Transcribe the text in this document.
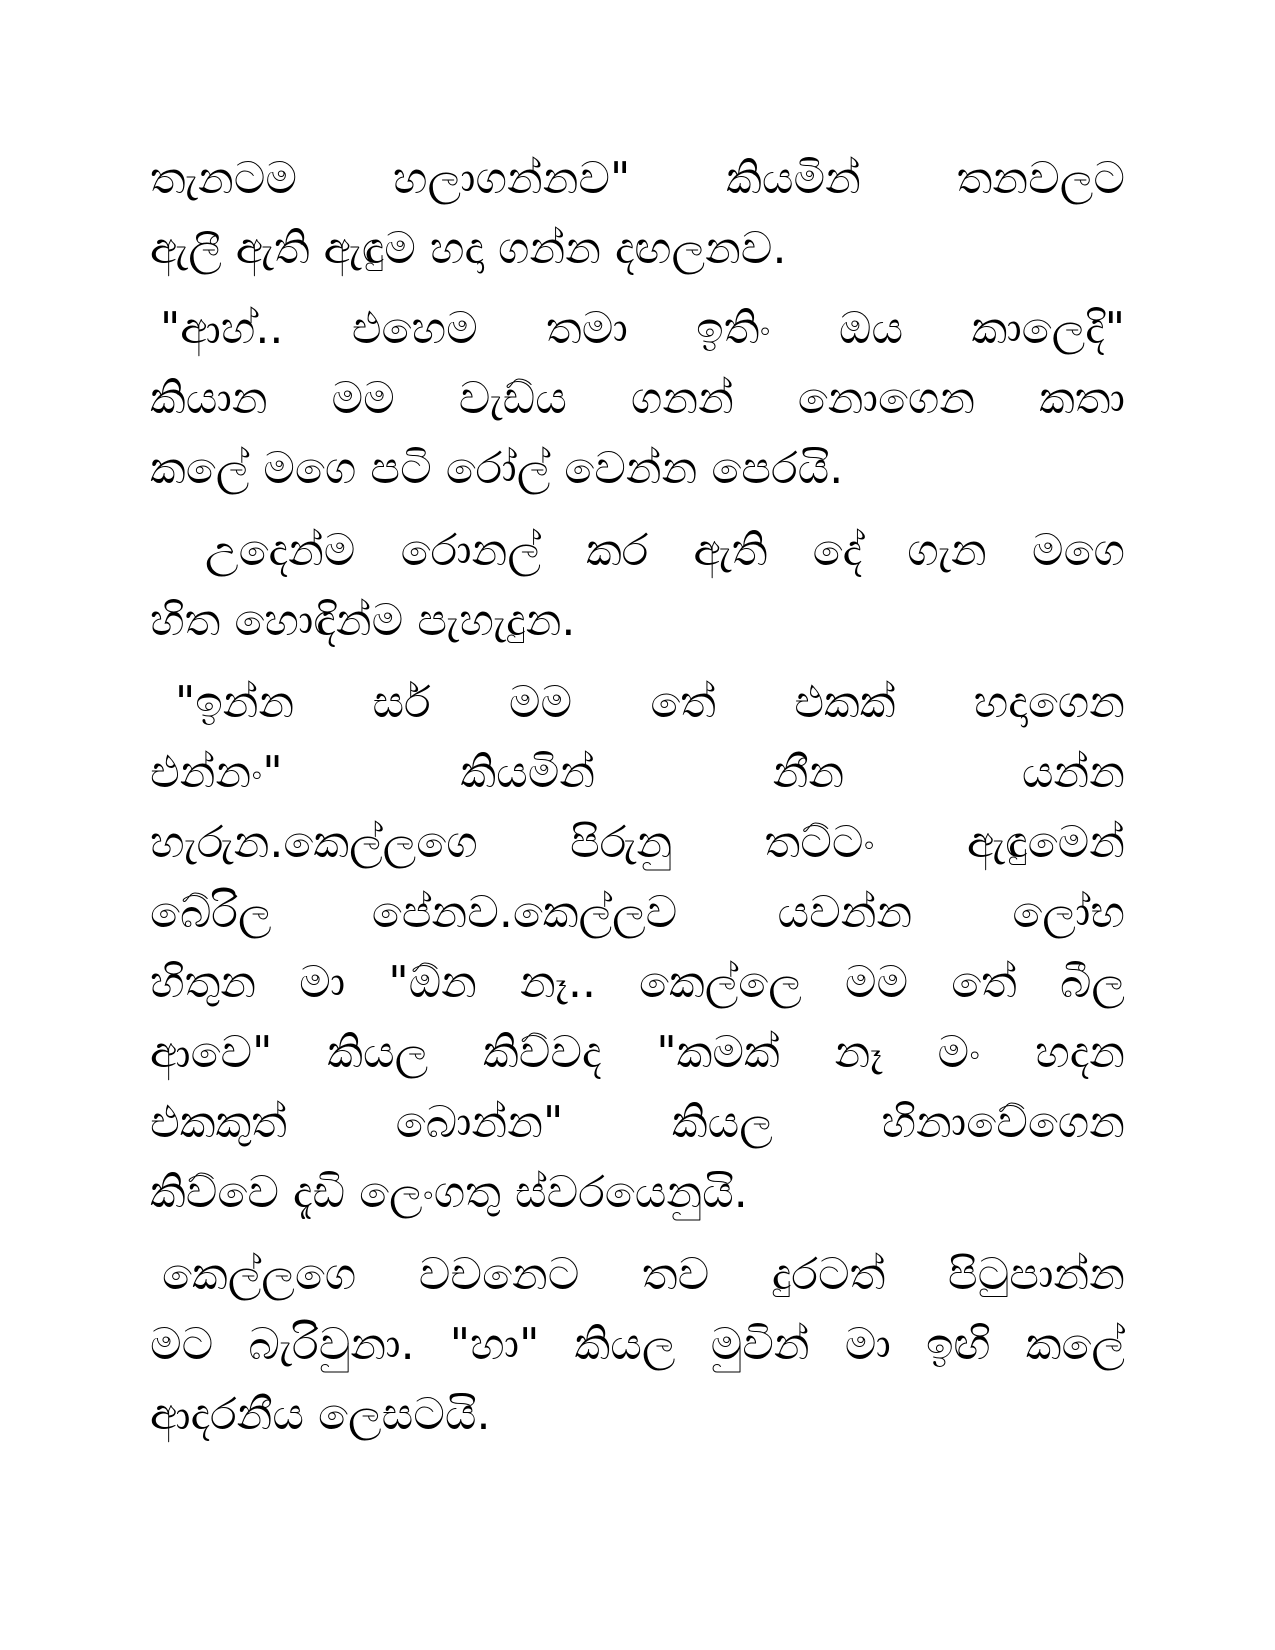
තැනටම හලාගන්නව" කියමින් තනවලට
ඇලී ඇති ඇඳුම හදා ගන්න දඟලනව.
"ආහ්.. එහෙම තමා ඉතිං ඔය කාලෙදි"
කියාන මම වැඩ්ය ගනන් නොගෙන කතා
කලේ මගෙ පටි රෝල් වෙන්න පෙරයි.
උදෙන්ම රොනල් කර ඇති දේ ගැන මගෙ
හිත හොඳින්ම පැහැදුන.
"ඉන්න සර් මම තේ එකක් හදාගෙන
එන්නං" කියමින් නීන යන්න
හැරුන.කෙල්ලගෙ පිරුනු තට්ටං ඇඳුමෙන්
බේරිල පේනව.කෙල්ලව යවන්න ලෝභ
හිතුන මා "ඕන නෑ.. කෙල්ලෙ මම තේ බීල
ආවෙ" කියල කිව්වද "කමක් නෑ මං හදන
එකකුත් බොන්න" කියල හිනාවේගෙන
කිව්වෙ දැඩි ලෙංගතු ස්වරයෙනුයි.
කෙල්ලගෙ වචනෙට තව දුරටත් පිටුපාන්න
මට බැරිවුනා. "හා" කියල මුවින් මා ඉඟි කලේ
ආදරනීය ලෙසටයි.
